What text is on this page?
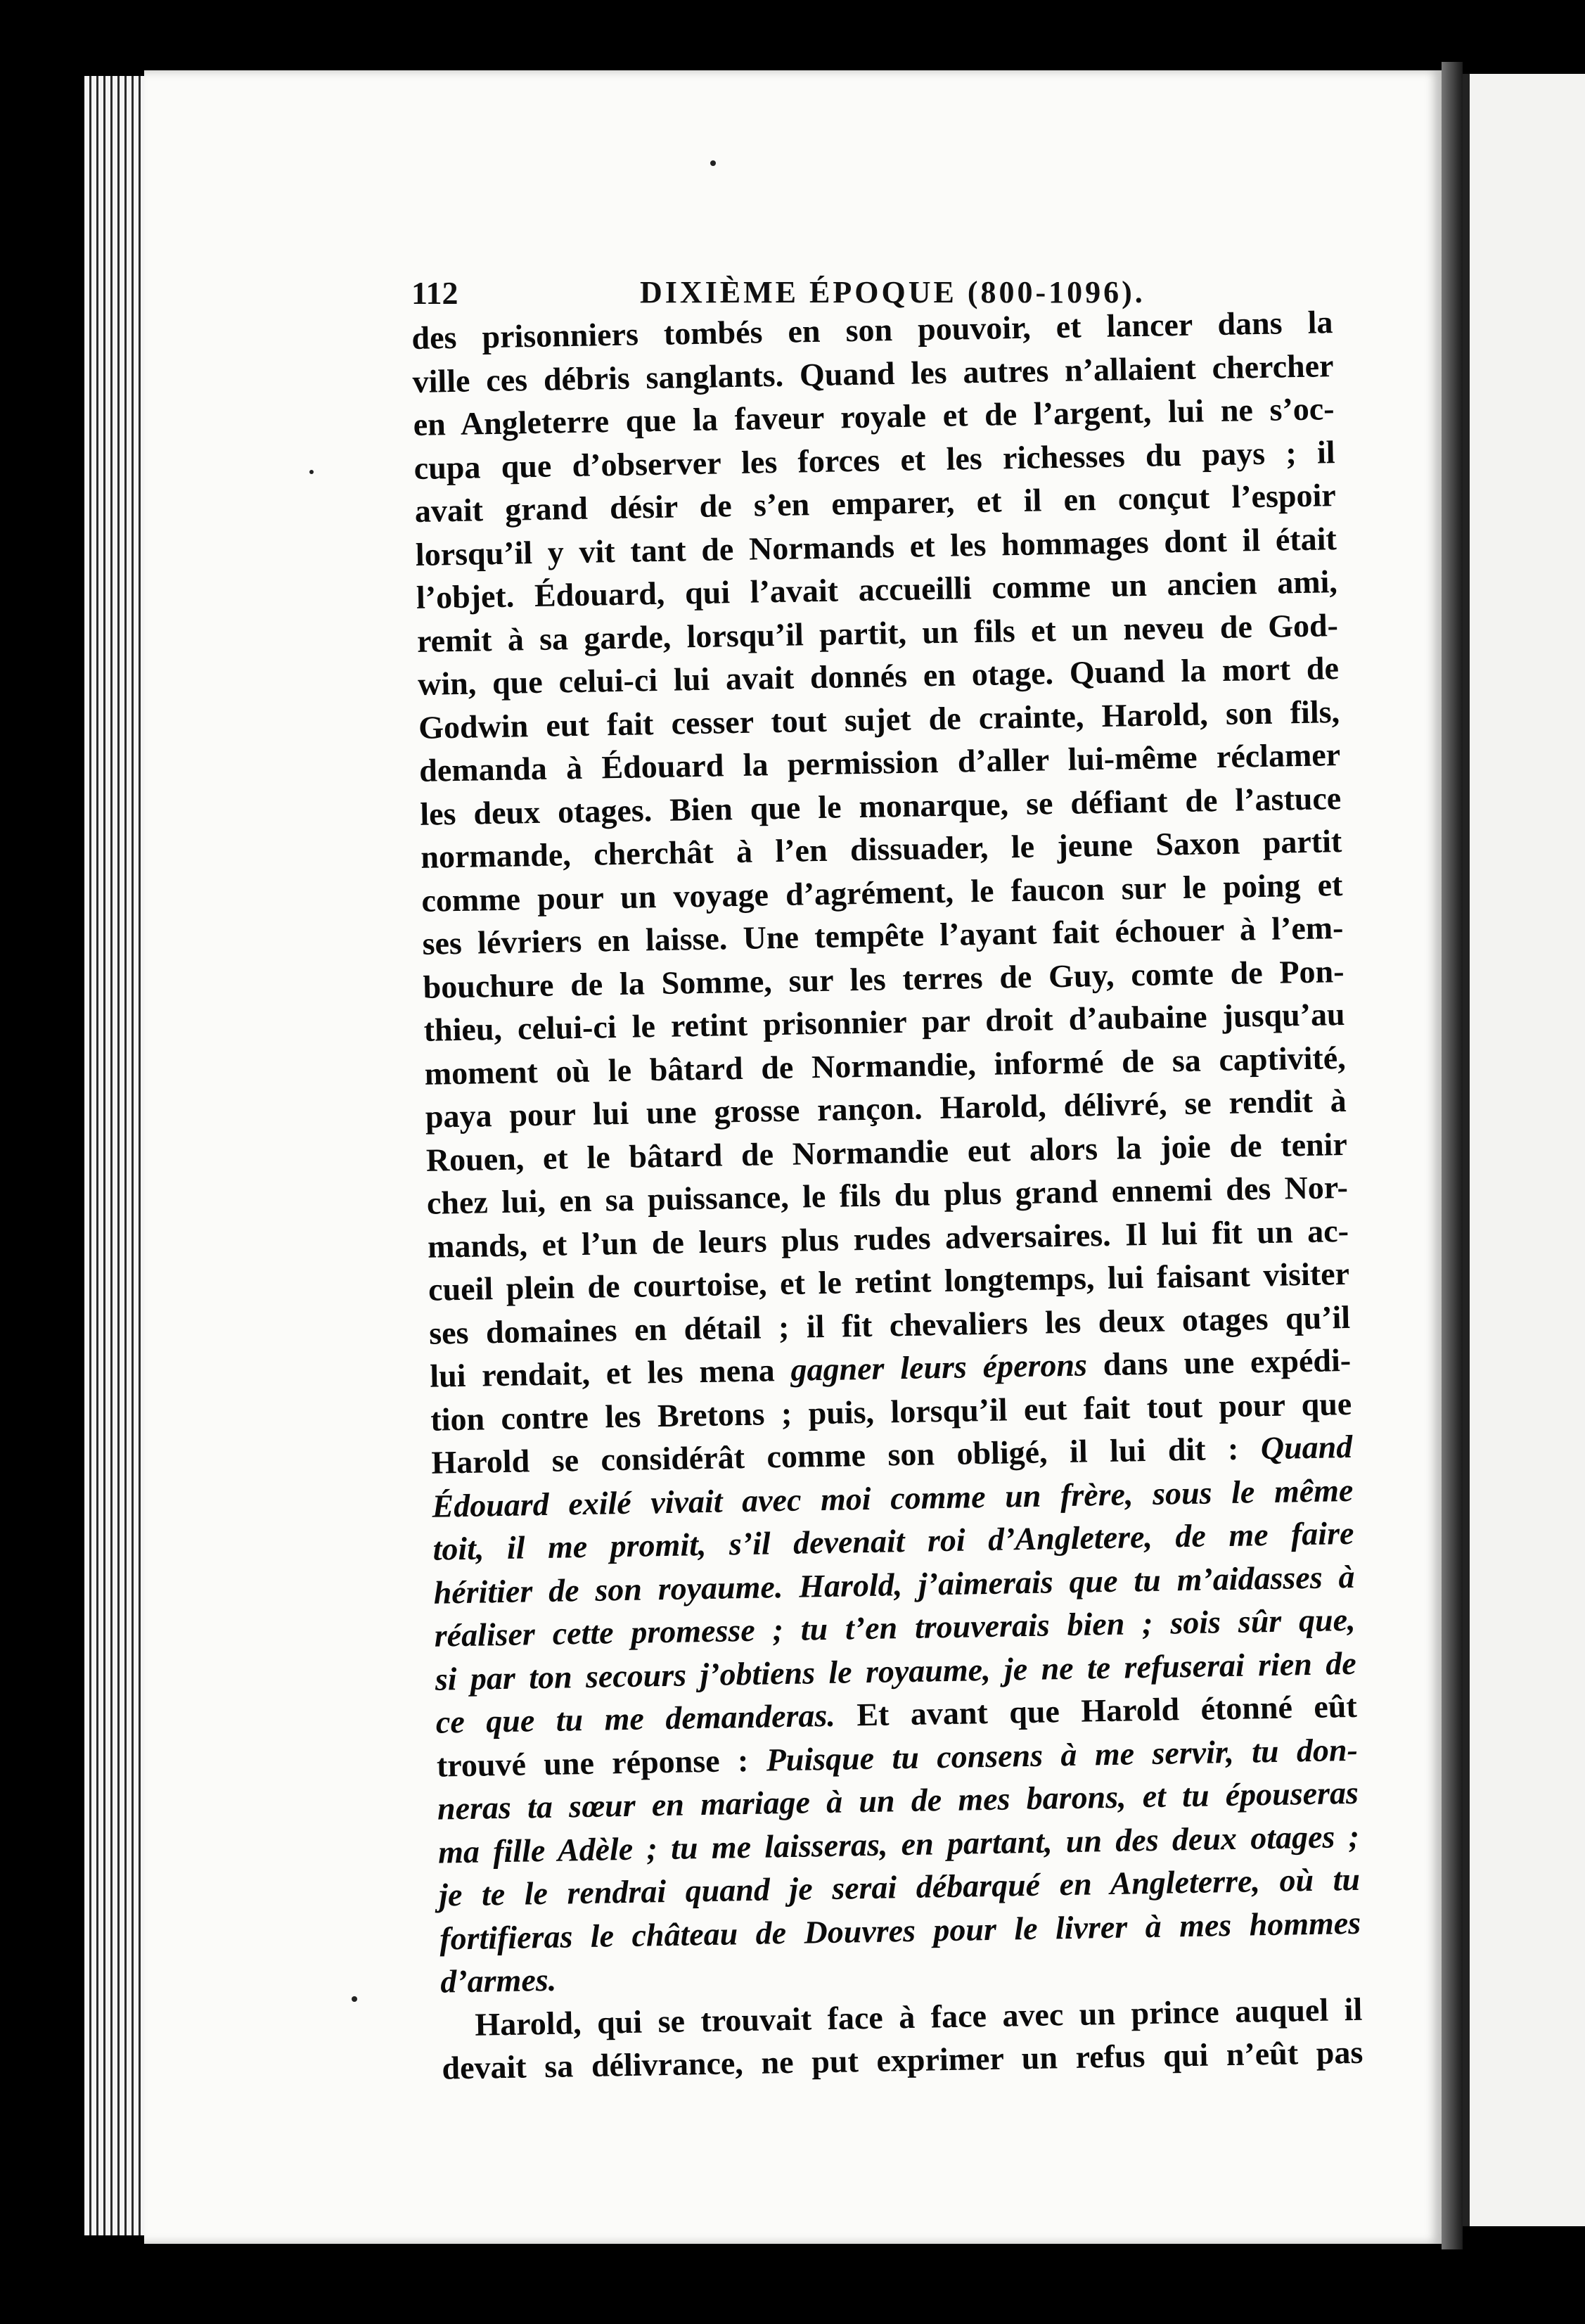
112	DIXIÈME ÉPOQUE (800-1096).
des prisonniers tombés en son pouvoir, et lancer dans la
ville ces débris sanglants. Quand les autres n’allaient chercher
en Angleterre que la faveur royale et de l’argent, lui ne s’oc-
cupa que d’observer les forces et les richesses du pays ; il
avait grand désir de s’en emparer, et il en conçut l’espoir
lorsqu’il y vit tant de Normands et les hommages dont il était
l’objet. Édouard, qui l’avait accueilli comme un ancien ami,
remit à sa garde, lorsqu’il partit, un fils et un neveu de God-
win, que celui-ci lui avait donnés en otage. Quand la mort de
Godwin eut fait cesser tout sujet de crainte, Harold, son fils,
demanda à Édouard la permission d’aller lui-même réclamer
les deux otages. Bien que le monarque, se défiant de l’astuce
normande, cherchât à l’en dissuader, le jeune Saxon partit
comme pour un voyage d’agrément, le faucon sur le poing et
ses lévriers en laisse. Une tempête l’ayant fait échouer à l’em-
bouchure de la Somme, sur les terres de Guy, comte de Pon-
thieu, celui-ci le retint prisonnier par droit d’aubaine jusqu’au
moment où le bâtard de Normandie, informé de sa captivité,
paya pour lui une grosse rançon. Harold, délivré, se rendit à
Rouen, et le bâtard de Normandie eut alors la joie de tenir
chez lui, en sa puissance, le fils du plus grand ennemi des Nor-
mands, et l’un de leurs plus rudes adversaires. Il lui fit un ac-
cueil plein de courtoise, et le retint longtemps, lui faisant visiter
ses domaines en détail ; il fit chevaliers les deux otages qu’il
lui rendait, et les mena gagner leurs éperons dans une expédi-
tion contre les Bretons ; puis, lorsqu’il eut fait tout pour que
Harold se considérât comme son obligé, il lui dit : Quand
Édouard exilé vivait avec moi comme un frère, sous le même
toit, il me promit, s’il devenait roi d’Angletere, de me faire
héritier de son royaume. Harold, j’aimerais que tu m’aidasses à
réaliser cette promesse ; tu t’en trouverais bien ; sois sûr que,
si par ton secours j’obtiens le royaume, je ne te refuserai rien de
ce que tu me demanderas. Et avant que Harold étonné eût
trouvé une réponse : Puisque tu consens à me servir, tu don-
neras ta sœur en mariage à un de mes barons, et tu épouseras
ma fille Adèle ; tu me laisseras, en partant, un des deux otages ;
je te le rendrai quand je serai débarqué en Angleterre, où tu
fortifieras le château de Douvres pour le livrer à mes hommes
d’armes.
Harold, qui se trouvait face à face avec un prince auquel il
devait sa délivrance, ne put exprimer un refus qui n’eût pas
